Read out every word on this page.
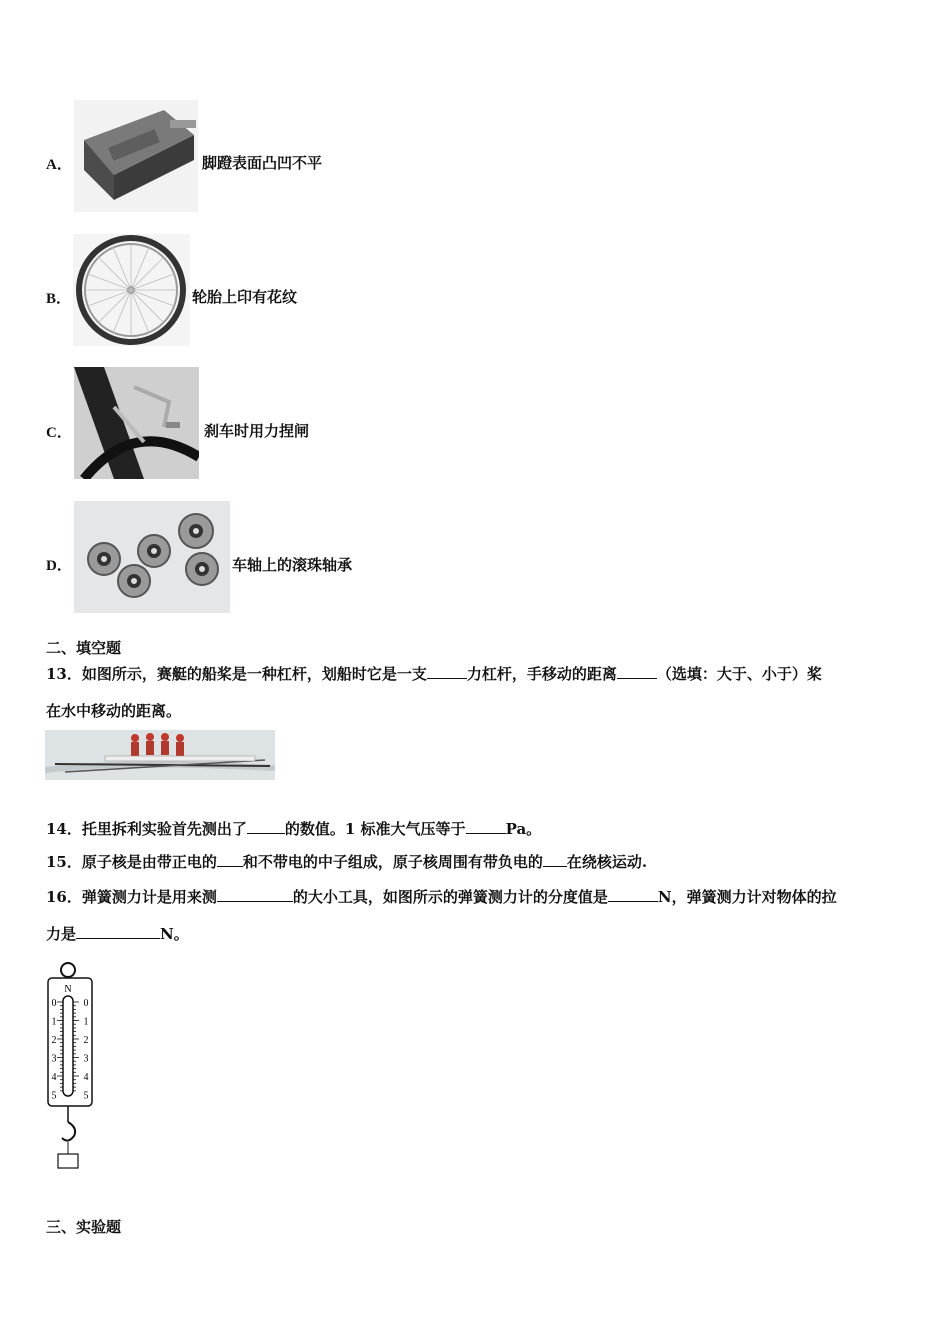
A．	脚蹬表面凸凹不平
B．	轮胎上印有花纹
C．	刹车时用力捏闸
D．	车轴上的滚珠轴承
二、填空题
13．如图所示，赛艇的船桨是一种杠杆，划船时它是一支	力杠杆，手移动的距离	（选填：大于、小于）桨
在水中移动的距离。
14．托里拆利实验首先测出了	的数值。1 标准大气压等于	Pa。
15．原子核是由带正电的 和不带电的中子组成，原子核周围有带负电的 在绕核运动.
16．弹簧测力计是用来测	的大小工具，如图所示的弹簧测力计的分度值是	N，弹簧测力计对物体的拉
力是	N。
N
0	0
1	1
2	2
3	3
4	4
5	5
三、实验题
